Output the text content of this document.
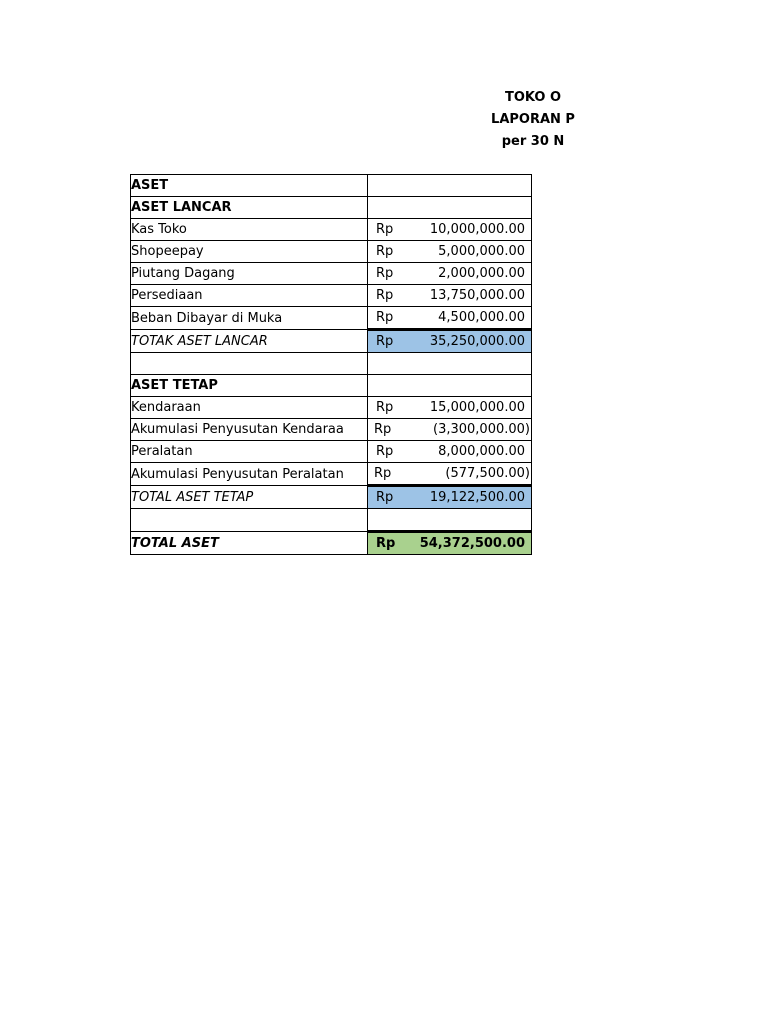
TOKO O
LAPORAN P
per 30 N
ASET	
ASET LANCAR	
Kas Toko	Rp 10,000,000.00

Shopeepay	Rp 5,000,000.00

Piutang Dagang	Rp 2,000,000.00

Persediaan	Rp 13,750,000.00

Beban Dibayar di Muka	Rp 4,500,000.00

TOTAK ASET LANCAR	Rp 35,250,000.00

ASET TETAP	
Kendaraan	Rp 15,000,000.00

Akumulasi Penyusutan Kendaraa	Rp (3,300,000.00)

Peralatan	Rp 8,000,000.00

Akumulasi Penyusutan Peralatan	Rp (577,500.00)

TOTAL ASET TETAP	Rp 19,122,500.00

TOTAL ASET	Rp 54,372,500.00
